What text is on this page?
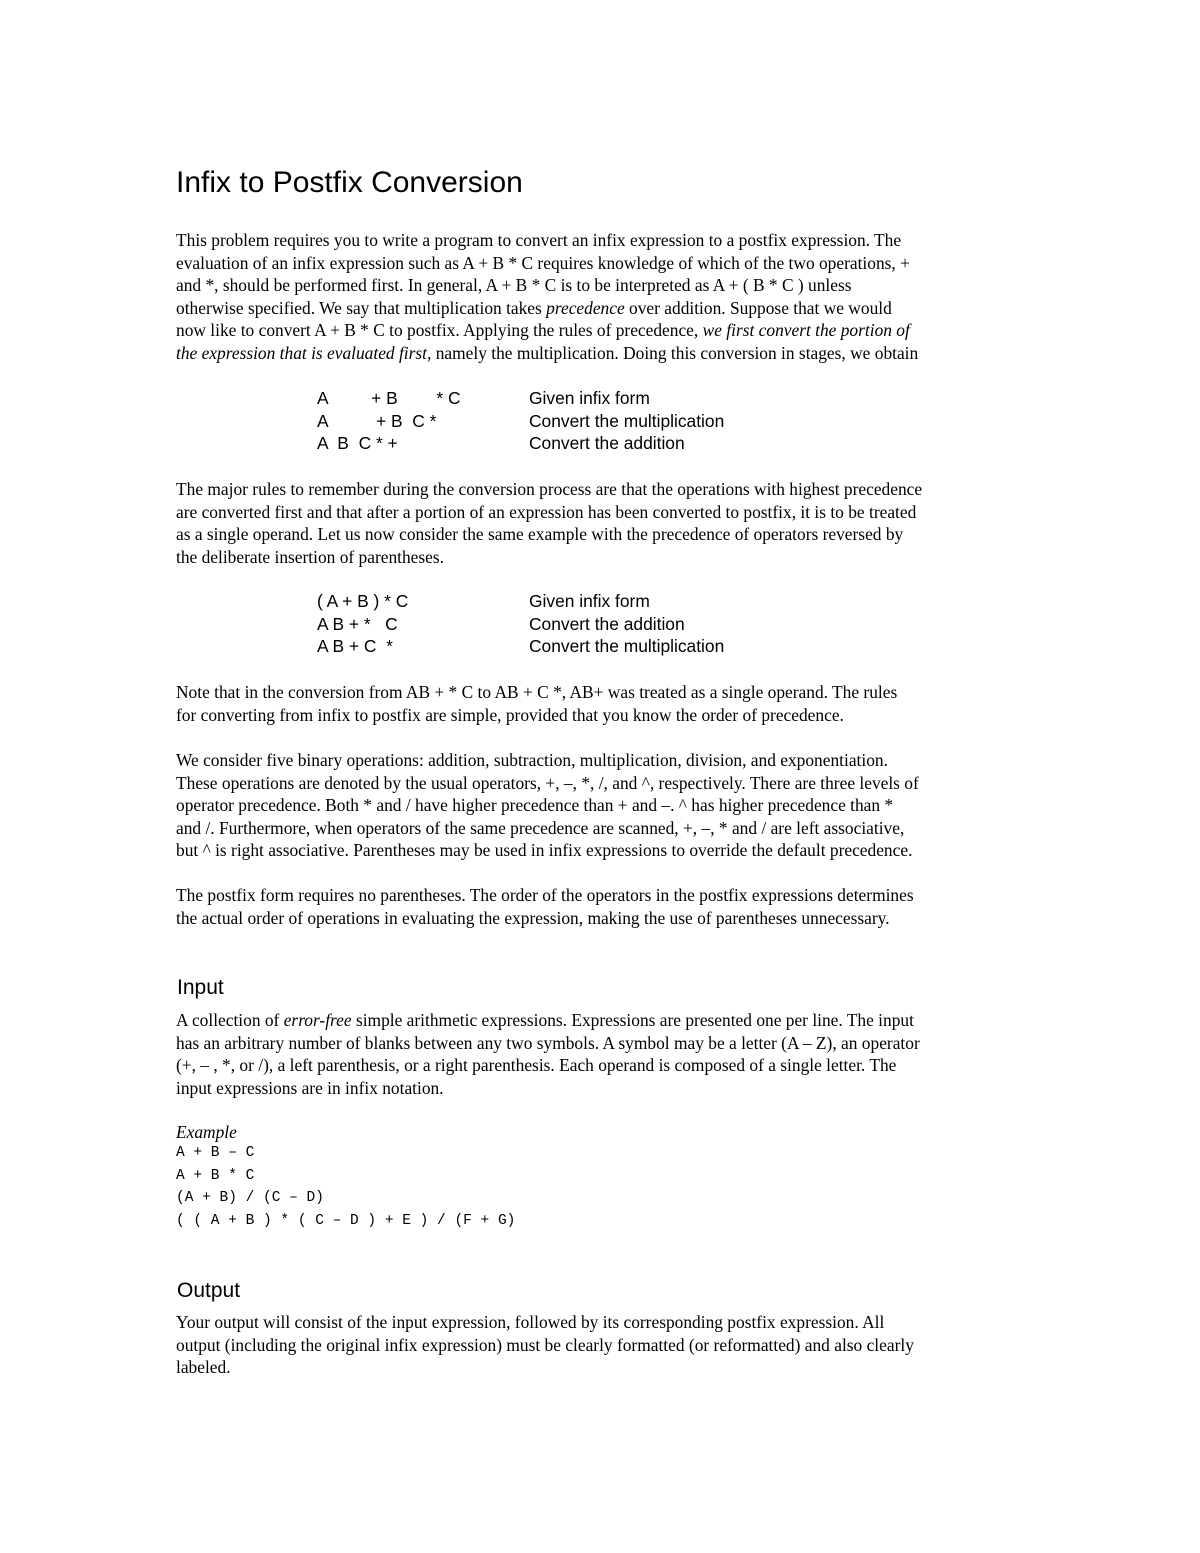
Infix to Postfix Conversion
This problem requires you to write a program to convert an infix expression to a postfix expression. The
evaluation of an infix expression such as A + B * C requires knowledge of which of the two operations, +
and *, should be performed first. In general, A + B * C is to be interpreted as A + ( B * C ) unless
otherwise specified. We say that multiplication takes precedence over addition. Suppose that we would
now like to convert A + B * C to postfix. Applying the rules of precedence, we first convert the portion of
the expression that is evaluated first, namely the multiplication. Doing this conversion in stages, we obtain
A         + B        * C	Given infix form
A          + B  C *	Convert the multiplication
A  B  C * +	Convert the addition
The major rules to remember during the conversion process are that the operations with highest precedence
are converted first and that after a portion of an expression has been converted to postfix, it is to be treated
as a single operand. Let us now consider the same example with the precedence of operators reversed by
the deliberate insertion of parentheses.
( A + B ) * C	Given infix form
A B + *   C	Convert the addition
A B + C  *	Convert the multiplication
Note that in the conversion from AB + * C to AB + C *, AB+ was treated as a single operand. The rules
for converting from infix to postfix are simple, provided that you know the order of precedence.
We consider five binary operations: addition, subtraction, multiplication, division, and exponentiation.
These operations are denoted by the usual operators, +, –, *, /, and ^, respectively. There are three levels of
operator precedence. Both * and / have higher precedence than + and –. ^ has higher precedence than *
and /. Furthermore, when operators of the same precedence are scanned, +, –, * and / are left associative,
but ^ is right associative. Parentheses may be used in infix expressions to override the default precedence.
The postfix form requires no parentheses. The order of the operators in the postfix expressions determines
the actual order of operations in evaluating the expression, making the use of parentheses unnecessary.
Input
A collection of error-free simple arithmetic expressions. Expressions are presented one per line. The input
has an arbitrary number of blanks between any two symbols. A symbol may be a letter (A – Z), an operator
(+, – , *, or /), a left parenthesis, or a right parenthesis. Each operand is composed of a single letter. The
input expressions are in infix notation.

Example

A + B – C
A + B * C
(A + B) / (C – D)
( ( A + B ) * ( C – D ) + E ) / (F + G)
Output
Your output will consist of the input expression, followed by its corresponding postfix expression. All
output (including the original infix expression) must be clearly formatted (or reformatted) and also clearly
labeled.
